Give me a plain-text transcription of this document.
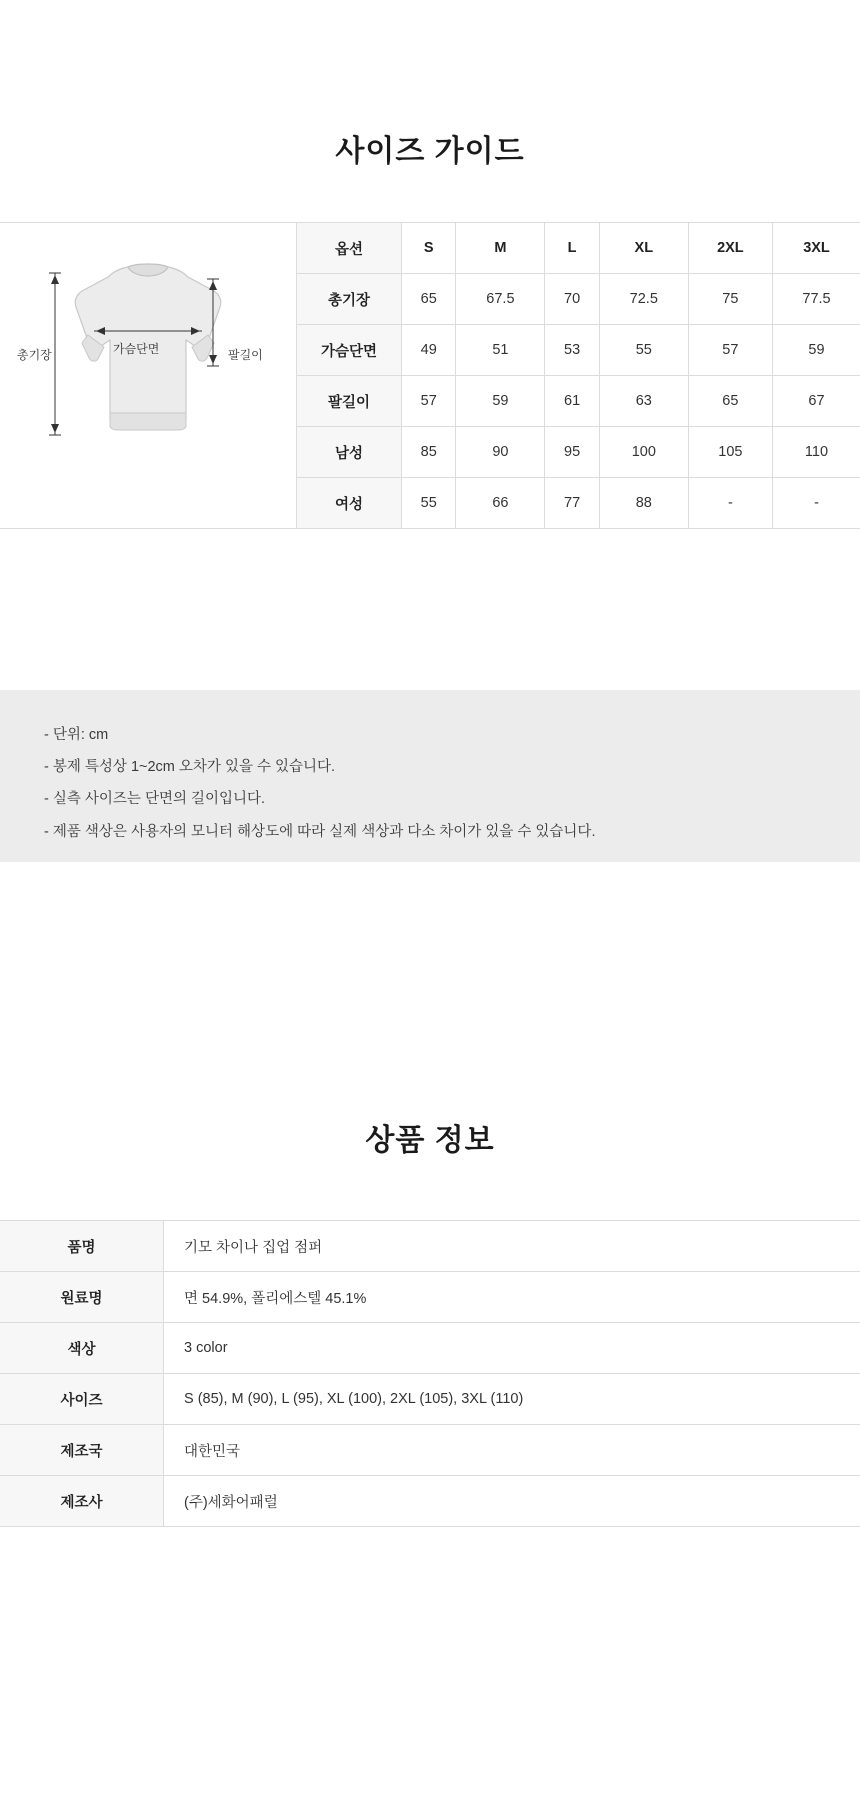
사이즈 가이드
총기장	가슴단면	팔길이
옵션	S	M	L	XL	2XL	3XL
총기장	65	67.5	70	72.5	75	77.5
가슴단면	49	51	53	55	57	59
팔길이	57	59	61	63	65	67
남성	85	90	95	100	105	110
여성	55	66	77	88	-	-

- 단위: cm

- 봉제 특성상 1~2cm 오차가 있을 수 있습니다.

- 실측 사이즈는 단면의 길이입니다.

- 제품 색상은 사용자의 모니터 해상도에 따라 실제 색상과 다소 차이가 있을 수 있습니다.

상품 정보
품명	기모 차이나 집업 점퍼
원료명	면 54.9%, 폴리에스텔 45.1%
색상	3 color
사이즈	S (85), M (90), L (95), XL (100), 2XL (105), 3XL (110)
제조국	대한민국
제조사	(주)세화어패럴
